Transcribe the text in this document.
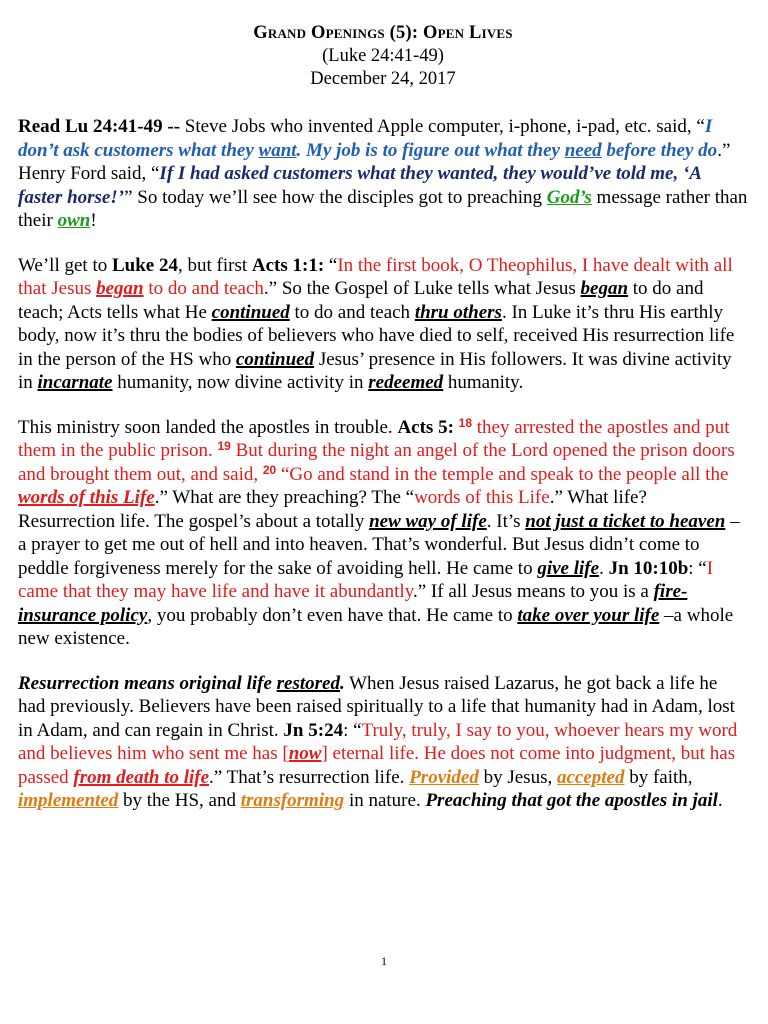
Grand Openings (5): Open Lives
(Luke 24:41-49)
December 24, 2017

Read Lu 24:41-49 -- Steve Jobs who invented Apple computer, i-phone, i-pad, etc. said, “I don’t ask customers what they want. My job is to figure out what they need before they do.” Henry Ford said, “If I had asked customers what they wanted, they would’ve told me, ‘A faster horse!’” So today we’ll see how the disciples got to preaching God’s message rather than their own!

We’ll get to Luke 24, but first Acts 1:1: “In the first book, O Theophilus, I have dealt with all that Jesus began to do and teach.” So the Gospel of Luke tells what Jesus began to do and teach; Acts tells what He continued to do and teach thru others. In Luke it’s thru His earthly body, now it’s thru the bodies of believers who have died to self, received His resurrection life in the person of the HS who continued Jesus’ presence in His followers. It was divine activity in incarnate humanity, now divine activity in redeemed humanity.

This ministry soon landed the apostles in trouble. Acts 5: $^{18}$ they arrested the apostles and put them in the public prison. $^{19}$ But during the night an angel of the Lord opened the prison doors and brought them out, and said, $^{20}$ “Go and stand in the temple and speak to the people all the words of this Life.” What are they preaching? The “words of this Life.” What life? Resurrection life. The gospel’s about a totally new way of life. It’s not just a ticket to heaven – a prayer to get me out of hell and into heaven. That’s wonderful. But Jesus didn’t come to peddle forgiveness merely for the sake of avoiding hell. He came to give life. Jn 10:10b: “I came that they may have life and have it abundantly.” If all Jesus means to you is a fire-insurance policy, you probably don’t even have that. He came to take over your life –a whole new existence.

Resurrection means original life restored. When Jesus raised Lazarus, he got back a life he had previously. Believers have been raised spiritually to a life that humanity had in Adam, lost in Adam, and can regain in Christ. Jn 5:24: “Truly, truly, I say to you, whoever hears my word and believes him who sent me has [now] eternal life. He does not come into judgment, but has passed from death to life.” That’s resurrection life. Provided by Jesus, accepted by faith, implemented by the HS, and transforming in nature. Preaching that got the apostles in jail.

1
